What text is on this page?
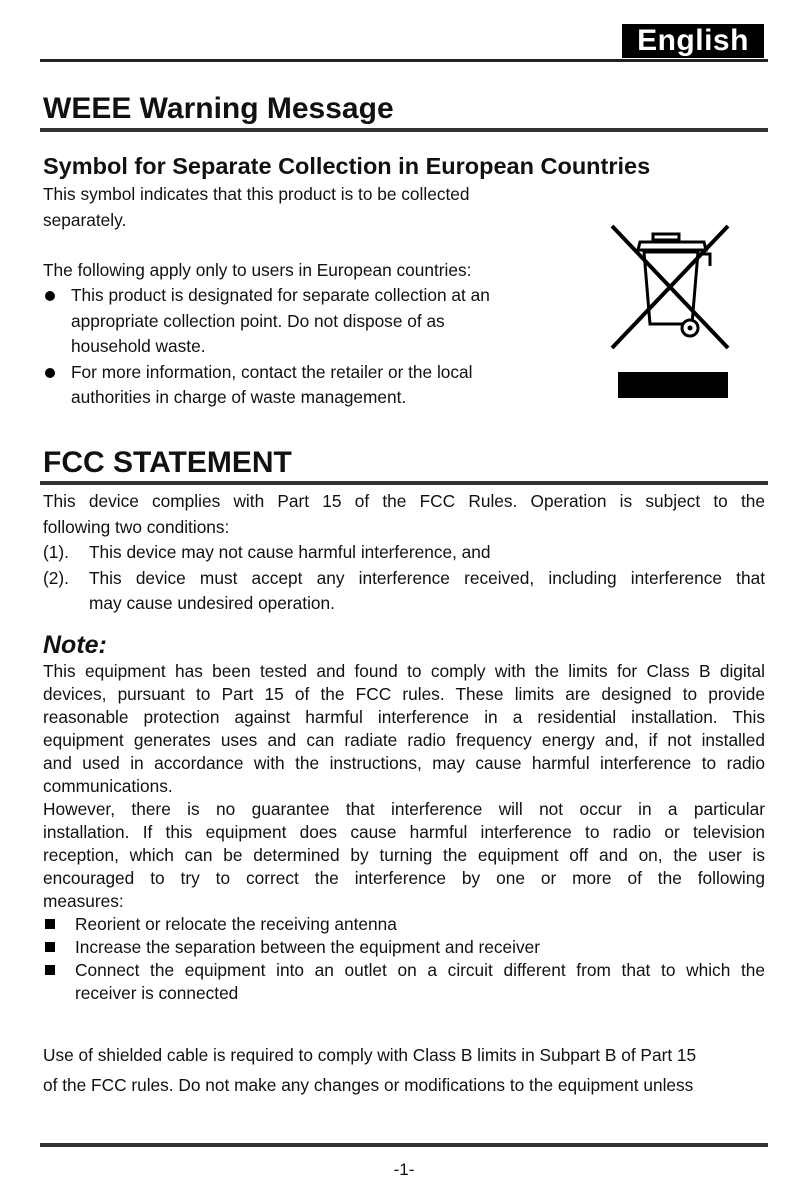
English
WEEE Warning Message
Symbol for Separate Collection in European Countries
This symbol indicates that this product is to be collected
separately.
The following apply only to users in European countries:
This product is designated for separate collection at an
appropriate collection point. Do not dispose of as
household waste.
For more information, contact the retailer or the local
authorities in charge of waste management.
FCC STATEMENT
This device complies with Part 15 of the FCC Rules. Operation is subject to the
following two conditions:
(1). This device may not cause harmful interference, and
(2). This device must accept any interference received, including interference that
may cause undesired operation.
Note:
This equipment has been tested and found to comply with the limits for Class B digital
devices, pursuant to Part 15 of the FCC rules. These limits are designed to provide
reasonable protection against harmful interference in a residential installation. This
equipment generates uses and can radiate radio frequency energy and, if not installed
and used in accordance with the instructions, may cause harmful interference to radio
communications.
However, there is no guarantee that interference will not occur in a particular
installation. If this equipment does cause harmful interference to radio or television
reception, which can be determined by turning the equipment off and on, the user is
encouraged to try to correct the interference by one or more of the following
measures:
Reorient or relocate the receiving antenna
Increase the separation between the equipment and receiver
Connect the equipment into an outlet on a circuit different from that to which the
receiver is connected
Use of shielded cable is required to comply with Class B limits in Subpart B of Part 15
of the FCC rules. Do not make any changes or modifications to the equipment unless
-1-
